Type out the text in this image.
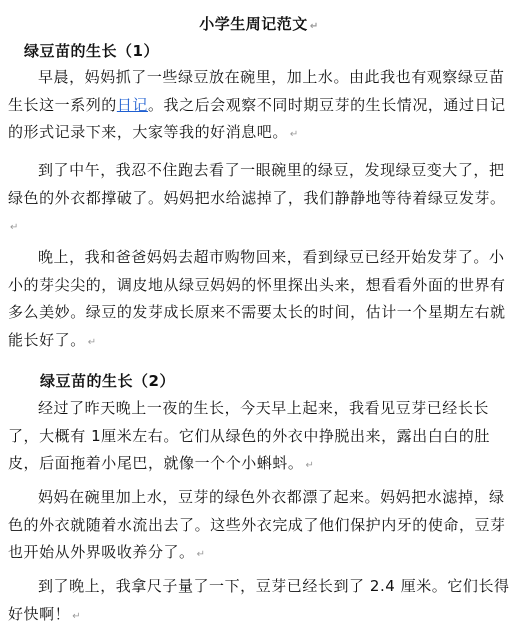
小学生周记范文 ↵
绿豆苗的生长（1）
早晨，妈妈抓了一些绿豆放在碗里，加上水。由此我也有观察绿豆苗生长这一系列的日记。我之后会观察不同时期豆芽的生长情况，通过日记的形式记录下来，大家等我的好消息吧。 ↵
到了中午，我忍不住跑去看了一眼碗里的绿豆，发现绿豆变大了，把绿色的外衣都撑破了。妈妈把水给滤掉了，我们静静地等待着绿豆发芽。↵
晚上，我和爸爸妈妈去超市购物回来，看到绿豆已经开始发芽了。小小的芽尖尖的，调皮地从绿豆妈妈的怀里探出头来，想看看外面的世界有多么美妙。绿豆的发芽成长原来不需要太长的时间，估计一个星期左右就能长好了。 ↵
绿豆苗的生长（2）
经过了昨天晚上一夜的生长，今天早上起来，我看见豆芽已经长长了，大概有 1厘米左右。它们从绿色的外衣中挣脱出来，露出白白的肚皮，后面拖着小尾巴，就像一个个小蝌蚪。 ↵
妈妈在碗里加上水，豆芽的绿色外衣都漂了起来。妈妈把水滤掉，绿色的外衣就随着水流出去了。这些外衣完成了他们保护内牙的使命，豆芽也开始从外界吸收养分了。 ↵
到了晚上，我拿尺子量了一下，豆芽已经长到了 2.4 厘米。它们长得好快啊！ ↵
